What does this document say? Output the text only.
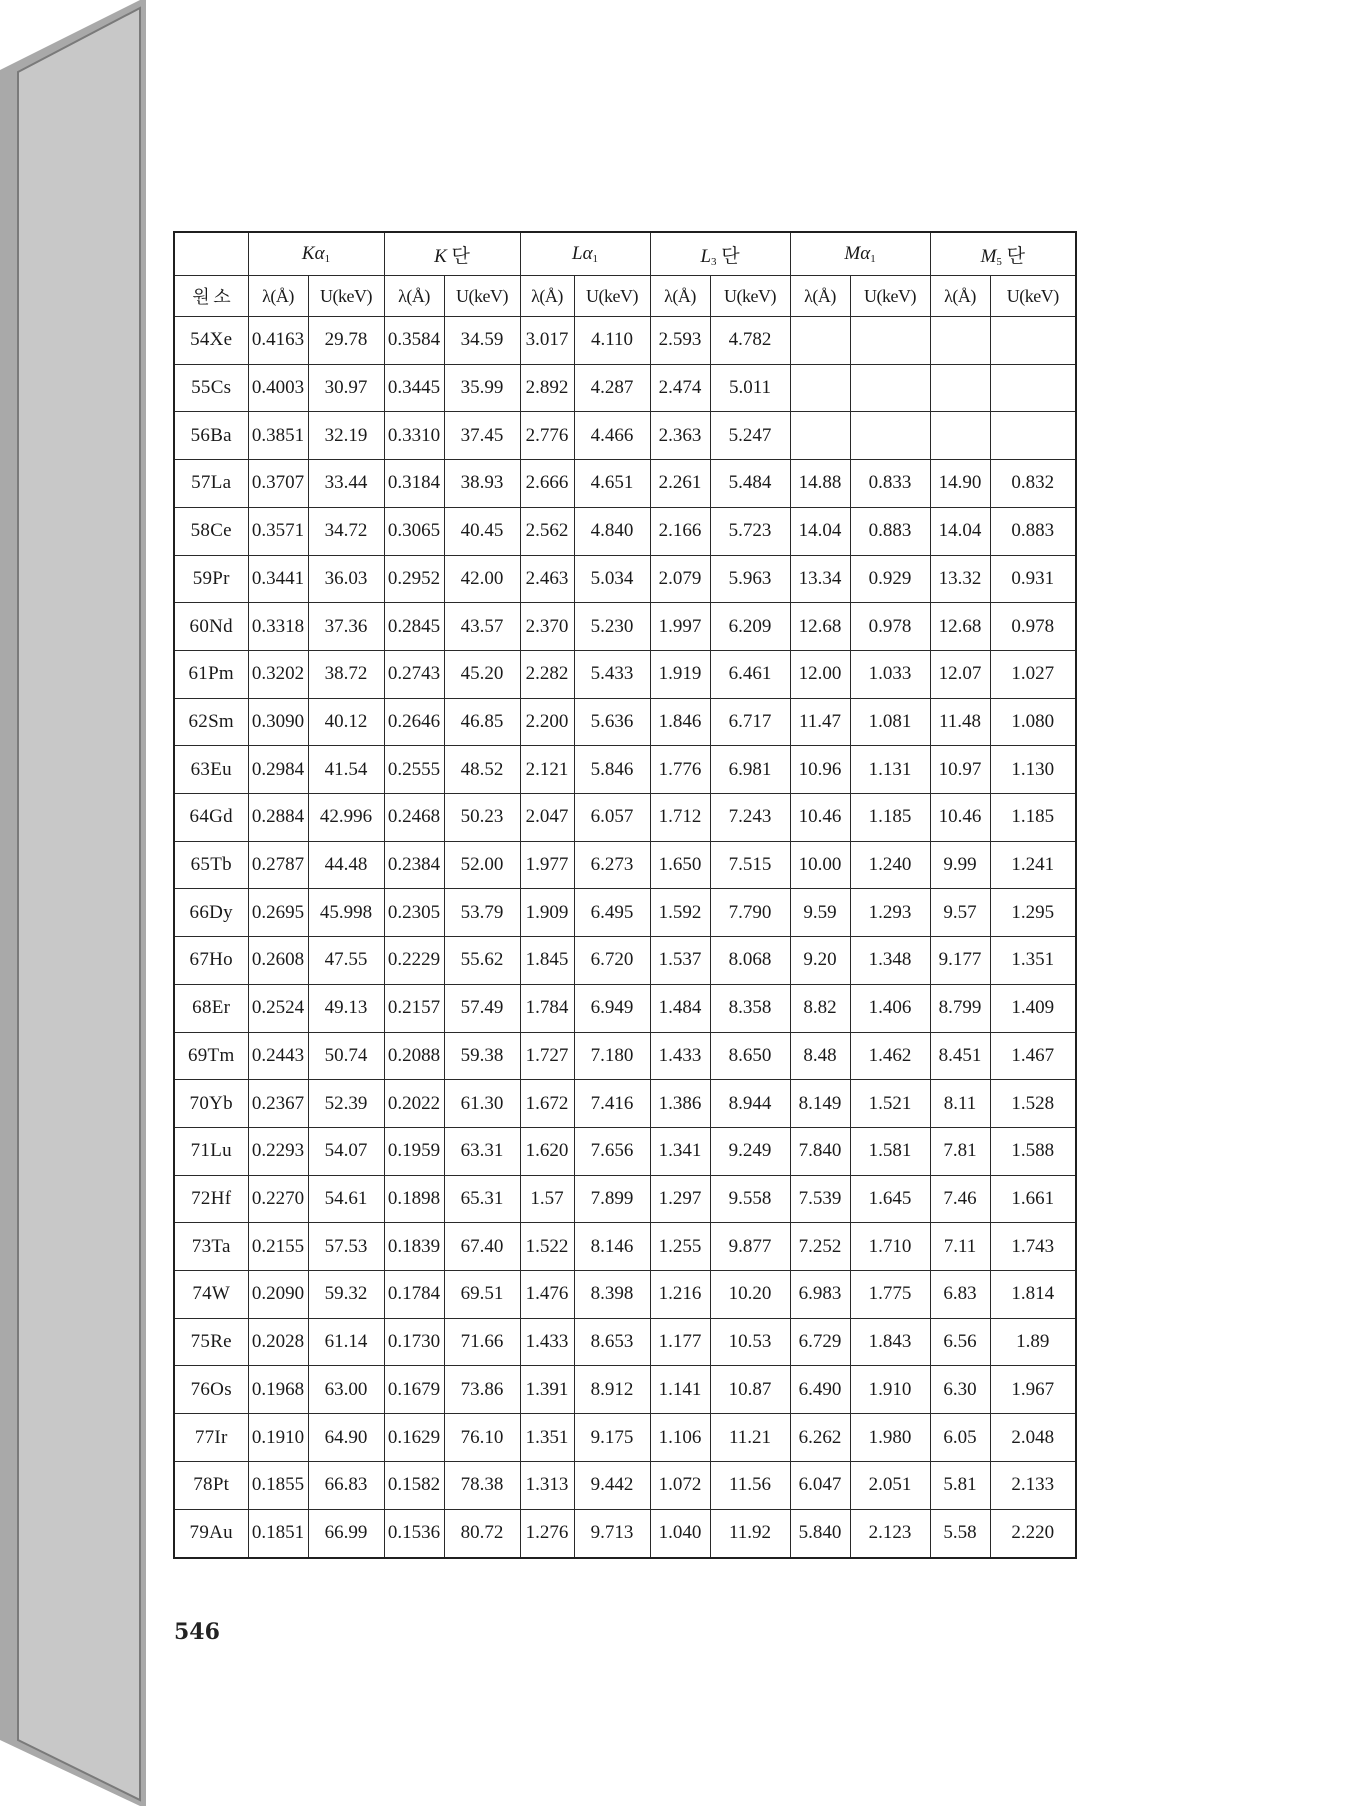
	$K\alpha_1$		K 단		$L\alpha_1$		$L_3$ 단		$M\alpha_1$		$M_5$ 단	
원 소	λ(Å)	U(keV)	λ(Å)	U(keV)	λ(Å)	U(keV)	λ(Å)	U(keV)	λ(Å)	U(keV)	λ(Å)	U(keV)
54Xe	0.4163	29.78	0.3584	34.59	3.017	4.110	2.593	4.782				
55Cs	0.4003	30.97	0.3445	35.99	2.892	4.287	2.474	5.011				
56Ba	0.3851	32.19	0.3310	37.45	2.776	4.466	2.363	5.247				
57La	0.3707	33.44	0.3184	38.93	2.666	4.651	2.261	5.484	14.88	0.833	14.90	0.832
58Ce	0.3571	34.72	0.3065	40.45	2.562	4.840	2.166	5.723	14.04	0.883	14.04	0.883
59Pr	0.3441	36.03	0.2952	42.00	2.463	5.034	2.079	5.963	13.34	0.929	13.32	0.931
60Nd	0.3318	37.36	0.2845	43.57	2.370	5.230	1.997	6.209	12.68	0.978	12.68	0.978
61Pm	0.3202	38.72	0.2743	45.20	2.282	5.433	1.919	6.461	12.00	1.033	12.07	1.027
62Sm	0.3090	40.12	0.2646	46.85	2.200	5.636	1.846	6.717	11.47	1.081	11.48	1.080
63Eu	0.2984	41.54	0.2555	48.52	2.121	5.846	1.776	6.981	10.96	1.131	10.97	1.130
64Gd	0.2884	42.996	0.2468	50.23	2.047	6.057	1.712	7.243	10.46	1.185	10.46	1.185
65Tb	0.2787	44.48	0.2384	52.00	1.977	6.273	1.650	7.515	10.00	1.240	9.99	1.241
66Dy	0.2695	45.998	0.2305	53.79	1.909	6.495	1.592	7.790	9.59	1.293	9.57	1.295
67Ho	0.2608	47.55	0.2229	55.62	1.845	6.720	1.537	8.068	9.20	1.348	9.177	1.351
68Er	0.2524	49.13	0.2157	57.49	1.784	6.949	1.484	8.358	8.82	1.406	8.799	1.409
69Tm	0.2443	50.74	0.2088	59.38	1.727	7.180	1.433	8.650	8.48	1.462	8.451	1.467
70Yb	0.2367	52.39	0.2022	61.30	1.672	7.416	1.386	8.944	8.149	1.521	8.11	1.528
71Lu	0.2293	54.07	0.1959	63.31	1.620	7.656	1.341	9.249	7.840	1.581	7.81	1.588
72Hf	0.2270	54.61	0.1898	65.31	1.57	7.899	1.297	9.558	7.539	1.645	7.46	1.661
73Ta	0.2155	57.53	0.1839	67.40	1.522	8.146	1.255	9.877	7.252	1.710	7.11	1.743
74W	0.2090	59.32	0.1784	69.51	1.476	8.398	1.216	10.20	6.983	1.775	6.83	1.814
75Re	0.2028	61.14	0.1730	71.66	1.433	8.653	1.177	10.53	6.729	1.843	6.56	1.89
76Os	0.1968	63.00	0.1679	73.86	1.391	8.912	1.141	10.87	6.490	1.910	6.30	1.967
77Ir	0.1910	64.90	0.1629	76.10	1.351	9.175	1.106	11.21	6.262	1.980	6.05	2.048
78Pt	0.1855	66.83	0.1582	78.38	1.313	9.442	1.072	11.56	6.047	2.051	5.81	2.133
79Au	0.1851	66.99	0.1536	80.72	1.276	9.713	1.040	11.92	5.840	2.123	5.58	2.220
546
